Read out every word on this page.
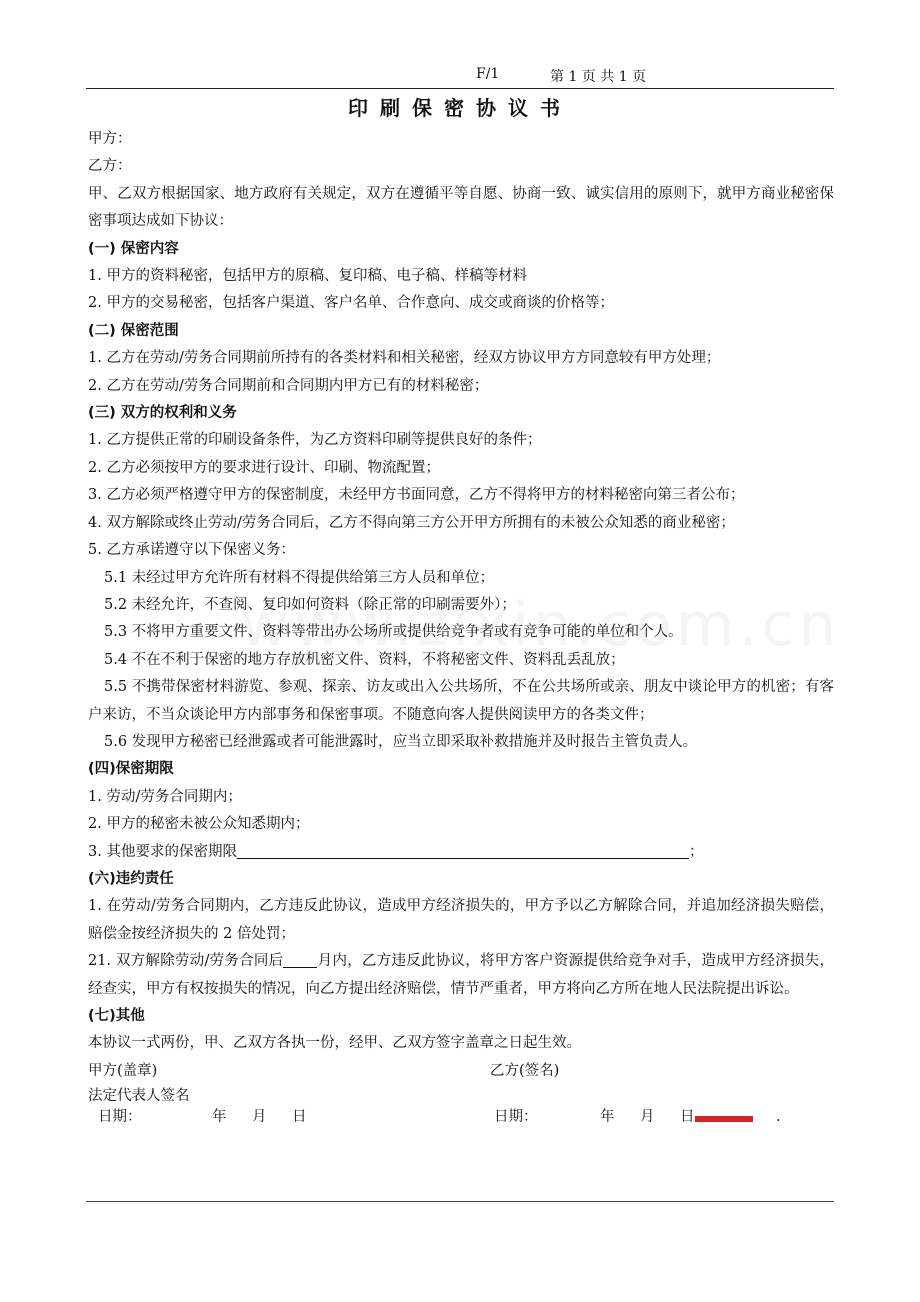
F/1	第 1 页 共 1 页
印刷保密协议书
甲方：
乙方：
甲、乙双方根据国家、地方政府有关规定，双方在遵循平等自愿、协商一致、诚实信用的原则下，就甲方商业秘密保密事项达成如下协议：
(一) 保密内容
1. 甲方的资料秘密，包括甲方的原稿、复印稿、电子稿、样稿等材料
2. 甲方的交易秘密，包括客户渠道、客户名单、合作意向、成交或商谈的价格等；
(二) 保密范围
1. 乙方在劳动/劳务合同期前所持有的各类材料和相关秘密，经双方协议甲方方同意较有甲方处理；
2. 乙方在劳动/劳务合同期前和合同期内甲方已有的材料秘密；
(三) 双方的权利和义务
1. 乙方提供正常的印刷设备条件，为乙方资料印刷等提供良好的条件；
2. 乙方必须按甲方的要求进行设计、印刷、物流配置；
3. 乙方必须严格遵守甲方的保密制度，未经甲方书面同意，乙方不得将甲方的材料秘密向第三者公布；
4. 双方解除或终止劳动/劳务合同后，乙方不得向第三方公开甲方所拥有的未被公众知悉的商业秘密；
5. 乙方承诺遵守以下保密义务：
5.1 未经过甲方允许所有材料不得提供给第三方人员和单位；
5.2 未经允许，不查阅、复印如何资料（除正常的印刷需要外）；
5.3 不将甲方重要文件、资料等带出办公场所或提供给竞争者或有竞争可能的单位和个人。
5.4 不在不利于保密的地方存放机密文件、资料，不将秘密文件、资料乱丢乱放；
5.5 不携带保密材料游览、参观、探亲、访友或出入公共场所，不在公共场所或亲、朋友中谈论甲方的机密；有客户来访，不当众谈论甲方内部事务和保密事项。不随意向客人提供阅读甲方的各类文件；
5.6 发现甲方秘密已经泄露或者可能泄露时，应当立即采取补救措施并及时报告主管负责人。
(四)保密期限
1. 劳动/劳务合同期内；
2. 甲方的秘密未被公众知悉期内；
3. 其他要求的保密期限	；
(六)违约责任
1. 在劳动/劳务合同期内，乙方违反此协议，造成甲方经济损失的，甲方予以乙方解除合同，并追加经济损失赔偿，赔偿金按经济损失的 2 倍处罚；
21. 双方解除劳动/劳务合同后 月内，乙方违反此协议，将甲方客户资源提供给竞争对手，造成甲方经济损失，经查实，甲方有权按损失的情况，向乙方提出经济赔偿，情节严重者，甲方将向乙方所在地人民法院提出诉讼。
(七)其他
本协议一式两份，甲、乙双方各执一份，经甲、乙双方签字盖章之日起生效。
甲方(盖章)	乙方(签名)
法定代表人签名
日期：	年 月 日	日期：	年 月 日	.
